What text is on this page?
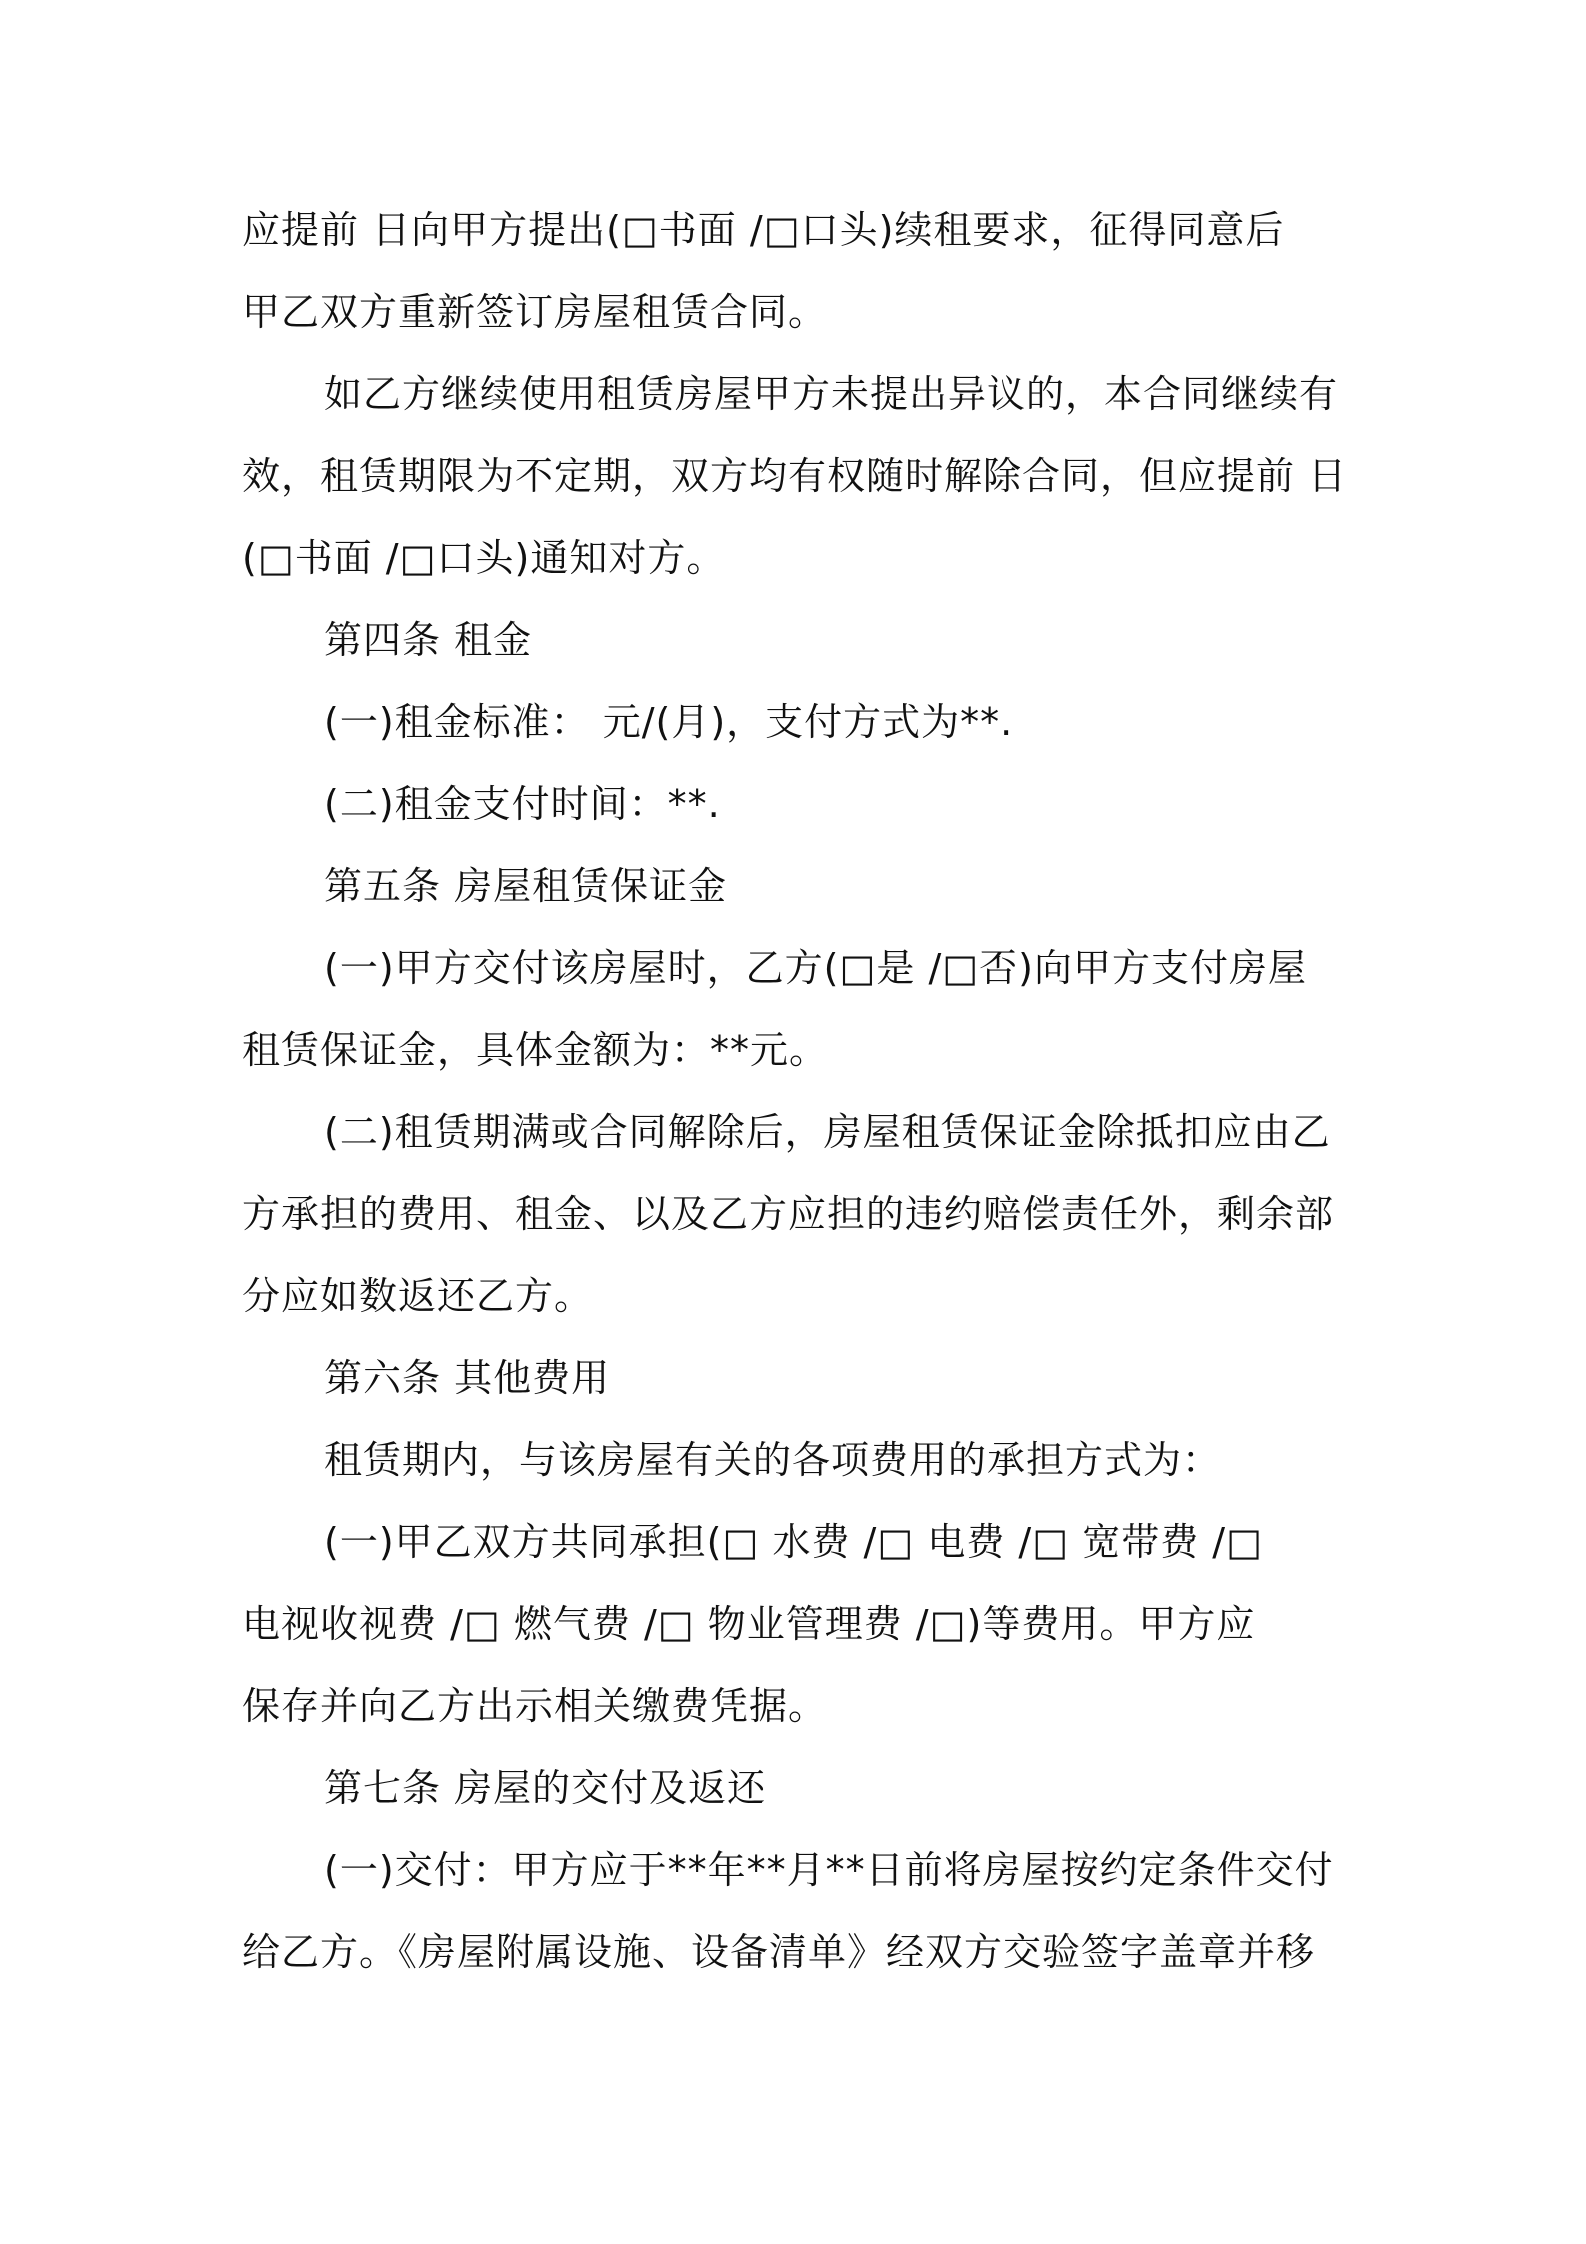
应提前 日向甲方提出(□书面 /□口头)续租要求，征得同意后
甲乙双方重新签订房屋租赁合同。
如乙方继续使用租赁房屋甲方未提出异议的，本合同继续有
效，租赁期限为不定期，双方均有权随时解除合同，但应提前 日
(□书面 /□口头)通知对方。
第四条 租金
(一)租金标准： 元/(月)，支付方式为**.
(二)租金支付时间：**.
第五条 房屋租赁保证金
(一)甲方交付该房屋时，乙方(□是 /□否)向甲方支付房屋
租赁保证金，具体金额为：**元。
(二)租赁期满或合同解除后，房屋租赁保证金除抵扣应由乙
方承担的费用、租金、以及乙方应担的违约赔偿责任外，剩余部
分应如数返还乙方。
第六条 其他费用
租赁期内，与该房屋有关的各项费用的承担方式为：
(一)甲乙双方共同承担(□ 水费 /□ 电费 /□ 宽带费 /□
电视收视费 /□ 燃气费 /□ 物业管理费 /□)等费用。甲方应
保存并向乙方出示相关缴费凭据。
第七条 房屋的交付及返还
(一)交付：甲方应于**年**月**日前将房屋按约定条件交付
给乙方。《房屋附属设施、设备清单》经双方交验签字盖章并移
